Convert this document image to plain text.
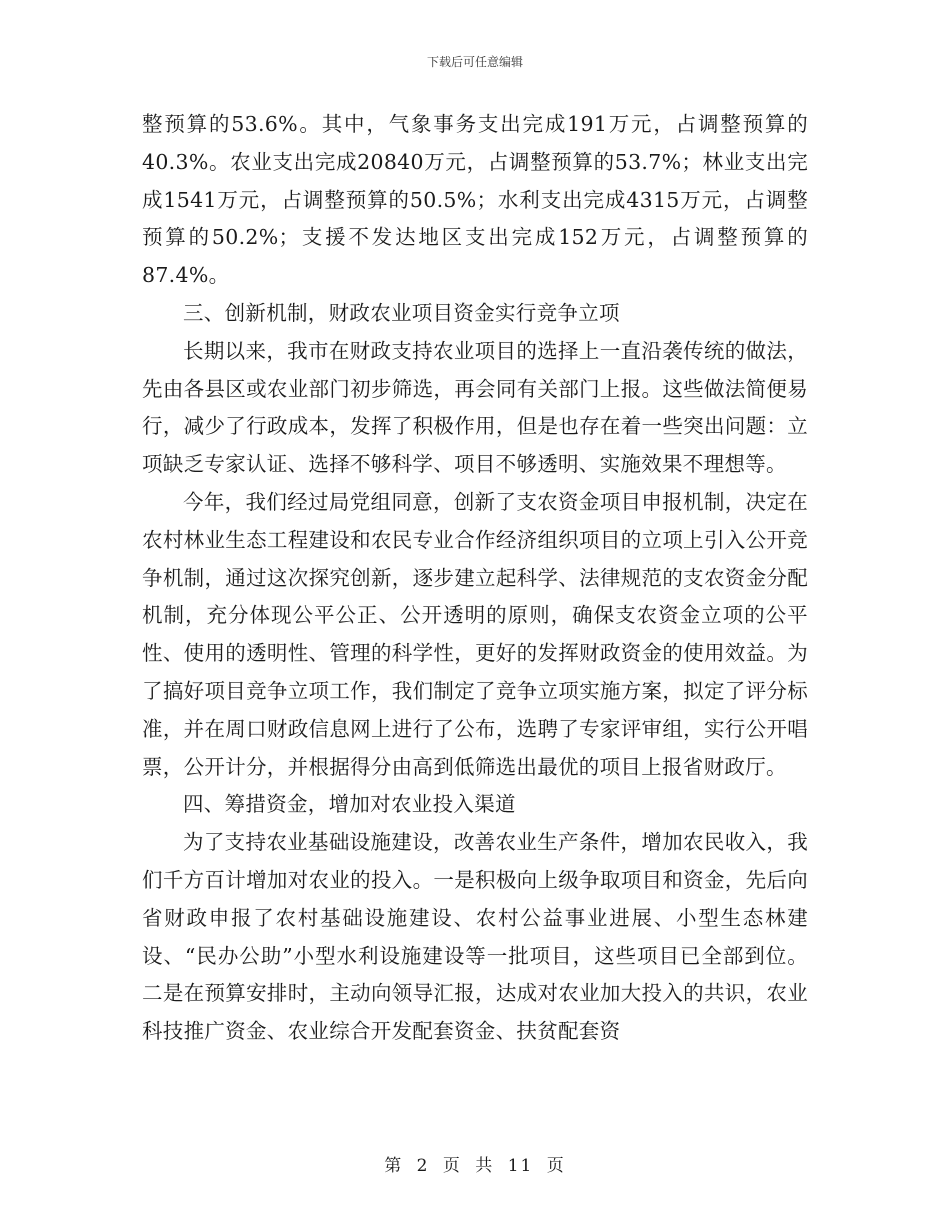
下载后可任意编辑

整预算的53.6%。其中，气象事务支出完成191万元，占调整预算的40.3%。农业支出完成20840万元，占调整预算的53.7%；林业支出完成1541万元，占调整预算的50.5%；水利支出完成4315万元，占调整预算的50.2%；支援不发达地区支出完成152万元，占调整预算的87.4%。

三、创新机制，财政农业项目资金实行竞争立项

长期以来，我市在财政支持农业项目的选择上一直沿袭传统的做法，先由各县区或农业部门初步筛选，再会同有关部门上报。这些做法简便易行，减少了行政成本，发挥了积极作用，但是也存在着一些突出问题：立项缺乏专家认证、选择不够科学、项目不够透明、实施效果不理想等。

今年，我们经过局党组同意，创新了支农资金项目申报机制，决定在农村林业生态工程建设和农民专业合作经济组织项目的立项上引入公开竞争机制，通过这次探究创新，逐步建立起科学、法律规范的支农资金分配机制，充分体现公平公正、公开透明的原则，确保支农资金立项的公平性、使用的透明性、管理的科学性，更好的发挥财政资金的使用效益。为了搞好项目竞争立项工作，我们制定了竞争立项实施方案，拟定了评分标准，并在周口财政信息网上进行了公布，选聘了专家评审组，实行公开唱票，公开计分，并根据得分由高到低筛选出最优的项目上报省财政厅。

四、筹措资金，增加对农业投入渠道

为了支持农业基础设施建设，改善农业生产条件，增加农民收入，我们千方百计增加对农业的投入。一是积极向上级争取项目和资金，先后向省财政申报了农村基础设施建设、农村公益事业进展、小型生态林建设、“民办公助”小型水利设施建设等一批项目，这些项目已全部到位。二是在预算安排时，主动向领导汇报，达成对农业加大投入的共识，农业科技推广资金、农业综合开发配套资金、扶贫配套资

第 2 页 共 11 页
